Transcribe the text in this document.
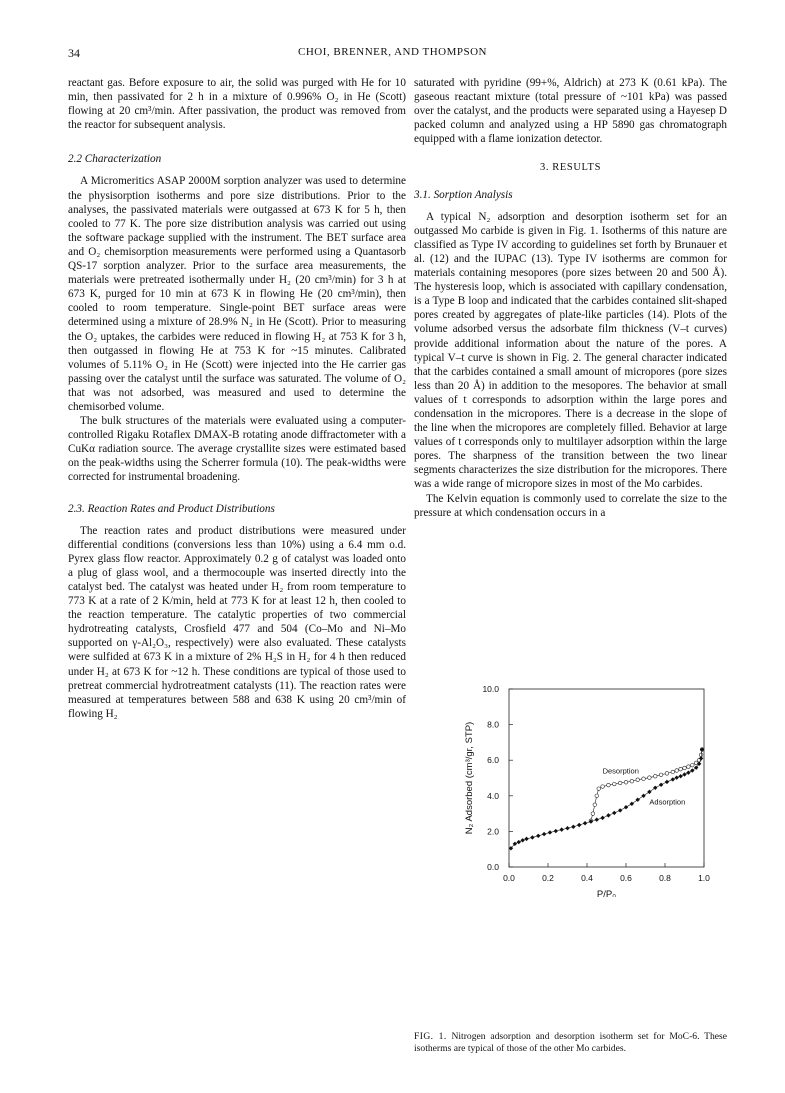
34	CHOI, BRENNER, AND THOMPSON

reactant gas. Before exposure to air, the solid was purged with He for 10 min, then passivated for 2 h in a mixture of 0.996% O₂ in He (Scott) flowing at 20 cm³/min. After passivation, the product was removed from the reactor for subsequent analysis.

2.2 Characterization

A Micromeritics ASAP 2000M sorption analyzer was used to determine the physisorption isotherms and pore size distributions. Prior to the analyses, the passivated materials were outgassed at 673 K for 5 h, then cooled to 77 K. The pore size distribution analysis was carried out using the software package supplied with the instrument. The BET surface area and O₂ chemisorption measurements were performed using a Quantasorb QS-17 sorption analyzer. Prior to the surface area measurements, the materials were pretreated isothermally under H₂ (20 cm³/min) for 3 h at 673 K, purged for 10 min at 673 K in flowing He (20 cm³/min), then cooled to room temperature. Single-point BET surface areas were determined using a mixture of 28.9% N₂ in He (Scott). Prior to measuring the O₂ uptakes, the carbides were reduced in flowing H₂ at 753 K for 3 h, then outgassed in flowing He at 753 K for ~15 minutes. Calibrated volumes of 5.11% O₂ in He (Scott) were injected into the He carrier gas passing over the catalyst until the surface was saturated. The volume of O₂ that was not adsorbed, was measured and used to determine the chemisorbed volume.

The bulk structures of the materials were evaluated using a computer-controlled Rigaku Rotaflex DMAX-B rotating anode diffractometer with a CuKα radiation source. The average crystallite sizes were estimated based on the peak-widths using the Scherrer formula (10). The peak-widths were corrected for instrumental broadening.

2.3. Reaction Rates and Product Distributions

The reaction rates and product distributions were measured under differential conditions (conversions less than 10%) using a 6.4 mm o.d. Pyrex glass flow reactor. Approximately 0.2 g of catalyst was loaded onto a plug of glass wool, and a thermocouple was inserted directly into the catalyst bed. The catalyst was heated under H₂ from room temperature to 773 K at a rate of 2 K/min, held at 773 K for at least 12 h, then cooled to the reaction temperature. The catalytic properties of two commercial hydrotreating catalysts, Crosfield 477 and 504 (Co–Mo and Ni–Mo supported on γ-Al₂O₃, respectively) were also evaluated. These catalysts were sulfided at 673 K in a mixture of 2% H₂S in H₂ for 4 h then reduced under H₂ at 673 K for ~12 h. These conditions are typical of those used to pretreat commercial hydrotreatment catalysts (11). The reaction rates were measured at temperatures between 588 and 638 K using 20 cm³/min of flowing H₂

saturated with pyridine (99+%, Aldrich) at 273 K (0.61 kPa). The gaseous reactant mixture (total pressure of ~101 kPa) was passed over the catalyst, and the products were separated using a Hayesep D packed column and analyzed using a HP 5890 gas chromatograph equipped with a flame ionization detector.

3. RESULTS
3.1. Sorption Analysis

A typical N₂ adsorption and desorption isotherm set for an outgassed Mo carbide is given in Fig. 1. Isotherms of this nature are classified as Type IV according to guidelines set forth by Brunauer et al. (12) and the IUPAC (13). Type IV isotherms are common for materials containing mesopores (pore sizes between 20 and 500 Å). The hysteresis loop, which is associated with capillary condensation, is a Type B loop and indicated that the carbides contained slit-shaped pores created by aggregates of plate-like particles (14). Plots of the volume adsorbed versus the adsorbate film thickness (V–t curves) provide additional information about the nature of the pores. A typical V–t curve is shown in Fig. 2. The general character indicated that the carbides contained a small amount of micropores (pore sizes less than 20 Å) in addition to the mesopores. The behavior at small values of t corresponds to adsorption within the large pores and condensation in the micropores. There is a decrease in the slope of the line when the micropores are completely filled. Behavior at large values of t corresponds only to multilayer adsorption within the large pores. The sharpness of the transition between the two linear segments characterizes the size distribution for the micropores. There was a wide range of micropore sizes in most of the Mo carbides.

The Kelvin equation is commonly used to correlate the size to the pressure at which condensation occurs in a

0.0	0.2	0.4	0.6	0.8	1.0
0.0
2.0
4.0
6.0
8.0
10.0
P/P₀
N₂ Adsorbed (cm³/gr, STP)	Desorption
Adsorption
FIG. 1. Nitrogen adsorption and desorption isotherm set for MoC-6. These isotherms are typical of those of the other Mo carbides.
